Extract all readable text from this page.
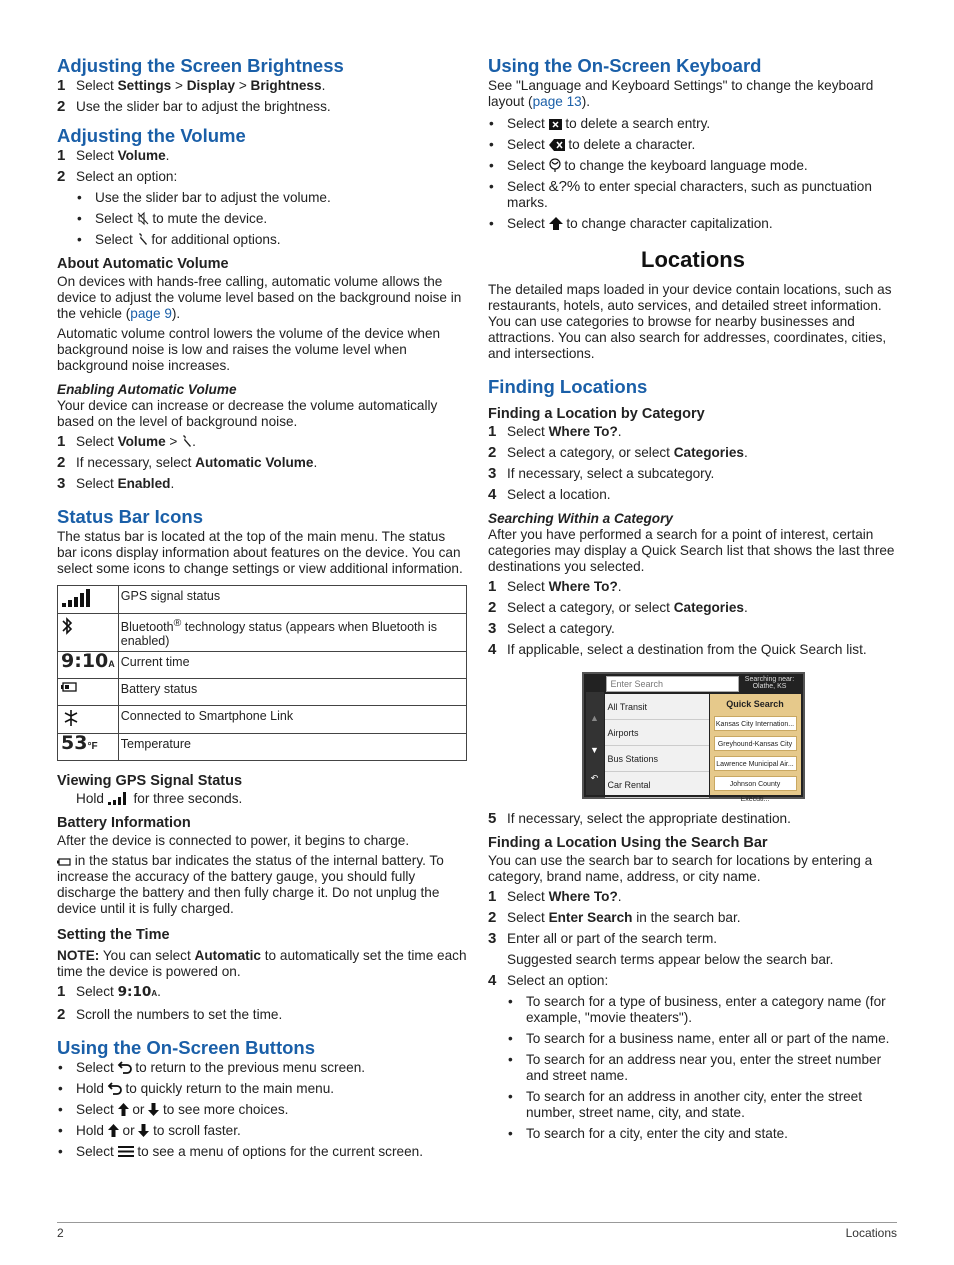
Adjusting the Screen Brightness
1 Select Settings > Display > Brightness.
2 Use the slider bar to adjust the brightness.
Adjusting the Volume
1 Select Volume.
2 Select an option:
• Use the slider bar to adjust the volume.
• Select  to mute the device.
• Select  for additional options.
About Automatic Volume

On devices with hands-free calling, automatic volume allows the device to adjust the volume level based on the background noise in the vehicle (page 9).

Automatic volume control lowers the volume of the device when background noise is low and raises the volume level when background noise increases.

Enabling Automatic Volume

Your device can increase or decrease the volume automatically based on the level of background noise.

1 Select Volume > .
2 If necessary, select Automatic Volume.
3 Select Enabled.
Status Bar Icons

The status bar is located at the top of the main menu. The status bar icons display information about features on the device. You can select some icons to change settings or view additional information.

	GPS signal status
	Bluetooth® technology status (appears when Bluetooth is enabled)
9:10A	Current time
	Battery status
	Connected to Smartphone Link
53°F	Temperature
Viewing GPS Signal Status

Hold  for three seconds.

Battery Information

After the device is connected to power, it begins to charge.

in the status bar indicates the status of the internal battery. To increase the accuracy of the battery gauge, you should fully discharge the battery and then fully charge it. Do not unplug the device until it is fully charged.

Setting the Time

NOTE: You can select Automatic to automatically set the time each time the device is powered on.

1 Select 9:10A.
2 Scroll the numbers to set the time.
Using the On-Screen Buttons
• Select  to return to the previous menu screen.
• Hold  to quickly return to the main menu.
• Select  or  to see more choices.
• Hold  or  to scroll faster.
• Select  to see a menu of options for the current screen.
Using the On-Screen Keyboard

See "Language and Keyboard Settings" to change the keyboard layout (page 13).

• Select  to delete a search entry.
• Select  to delete a character.
• Select  to change the keyboard language mode.
• Select &?% to enter special characters, such as punctuation marks.
• Select  to change character capitalization.
Locations

The detailed maps loaded in your device contain locations, such as restaurants, hotels, auto services, and detailed street information. You can use categories to browse for nearby businesses and attractions. You can also search for addresses, coordinates, cities, and intersections.

Finding Locations
Finding a Location by Category
1 Select Where To?.
2 Select a category, or select Categories.
3 If necessary, select a subcategory.
4 Select a location.
Searching Within a Category

After you have performed a search for a point of interest, certain categories may display a Quick Search list that shows the last three destinations you selected.

1 Select Where To?.
2 Select a category, or select Categories.
3 Select a category.
4 If applicable, select a destination from the Quick Search list.
Enter Search	Searching near:
Olathe, KS
▲
▼
↶
All Transit
Airports
Bus Stations
Car Rental
Quick Search
Kansas City Internation...
Greyhound-Kansas City
Lawrence Municipal Air...
Johnson County Executi...
5 If necessary, select the appropriate destination.
Finding a Location Using the Search Bar

You can use the search bar to search for locations by entering a category, brand name, address, or city name.

1 Select Where To?.
2 Select Enter Search in the search bar.
3 Enter all or part of the search term.
Suggested search terms appear below the search bar.
4 Select an option:
• To search for a type of business, enter a category name (for example, "movie theaters").
• To search for a business name, enter all or part of the name.
• To search for an address near you, enter the street number and street name.
• To search for an address in another city, enter the street number, street name, city, and state.
• To search for a city, enter the city and state.
2	Locations
